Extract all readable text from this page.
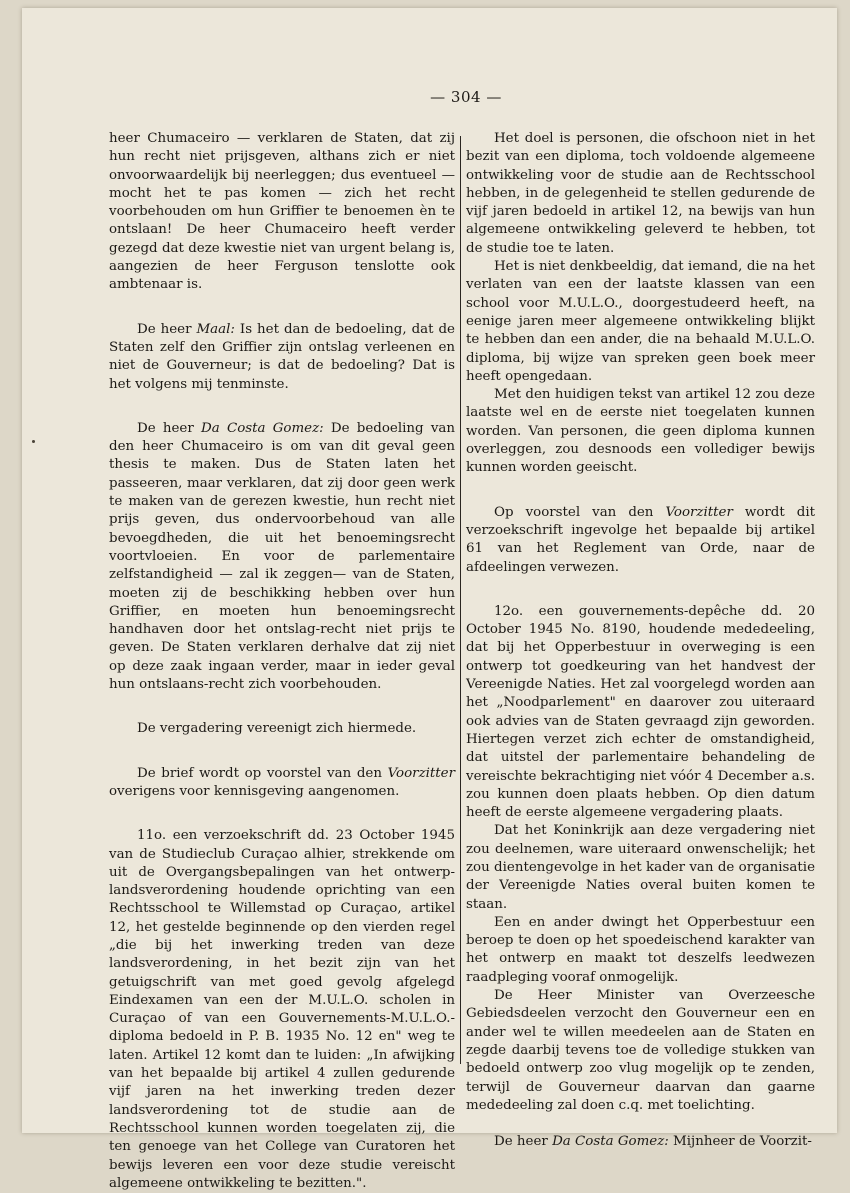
— 304 —

heer Chumaceiro — verklaren de Staten, dat zij hun recht niet prijsgeven, althans zich er niet onvoorwaardelijk bij neerleggen; dus eventueel — mocht het te pas komen — zich het recht voorbehouden om hun Griffier te benoemen èn te ontslaan! De heer Chumaceiro heeft verder gezegd dat deze kwestie niet van urgent belang is, aangezien de heer Ferguson tenslotte ook ambtenaar is.

De heer Maal: Is het dan de bedoeling, dat de Staten zelf den Griffier zijn ontslag verleenen en niet de Gouverneur; is dat de bedoeling? Dat is het volgens mij tenminste.

De heer Da Costa Gomez: De bedoeling van den heer Chumaceiro is om van dit geval geen thesis te maken. Dus de Staten laten het passeeren, maar verklaren, dat zij door geen werk te maken van de gerezen kwestie, hun recht niet prijs geven, dus ondervoorbehoud van alle bevoegdheden, die uit het benoemingsrecht voortvloeien. En voor de parlementaire zelfstandigheid — zal ik zeggen— van de Staten, moeten zij de beschikking hebben over hun Griffier, en moeten hun benoemingsrecht handhaven door het ontslag-recht niet prijs te geven. De Staten verklaren derhalve dat zij niet op deze zaak ingaan verder, maar in ieder geval hun ontslaans-recht zich voorbehouden.

De vergadering vereenigt zich hiermede.

De brief wordt op voorstel van den Voorzitter overigens voor kennisgeving aangenomen.

11o. een verzoekschrift dd. 23 October 1945 van de Studieclub Curaçao alhier, strekkende om uit de Overgangsbepalingen van het ontwerp-landsverordening houdende oprichting van een Rechtsschool te Willemstad op Curaçao, artikel 12, het gestelde beginnende op den vierden regel „die bij het inwerking treden van deze landsverordening, in het bezit zijn van het getuigschrift van met goed gevolg afgelegd Eindexamen van een der M.U.L.O. scholen in Curaçao of van een Gouvernements-M.U.L.O.-diploma bedoeld in P. B. 1935 No. 12 en" weg te laten. Artikel 12 komt dan te luiden: „In afwijking van het bepaalde bij artikel 4 zullen gedurende vijf jaren na het inwerking treden dezer landsverordening tot de studie aan de Rechtsschool kunnen worden toegelaten zij, die ten genoege van het College van Curatoren het bewijs leveren een voor deze studie vereischt algemeene ontwikkeling te bezitten.".

Het doel is personen, die ofschoon niet in het bezit van een diploma, toch voldoende algemeene ontwikkeling voor de studie aan de Rechtsschool hebben, in de gelegenheid te stellen gedurende de vijf jaren bedoeld in artikel 12, na bewijs van hun algemeene ontwikkeling geleverd te hebben, tot de studie toe te laten.

Het is niet denkbeeldig, dat iemand, die na het verlaten van een der laatste klassen van een school voor M.U.L.O., doorgestudeerd heeft, na eenige jaren meer algemeene ontwikkeling blijkt te hebben dan een ander, die na behaald M.U.L.O. diploma, bij wijze van spreken geen boek meer heeft opengedaan.

Met den huidigen tekst van artikel 12 zou deze laatste wel en de eerste niet toegelaten kunnen worden. Van personen, die geen diploma kunnen overleggen, zou desnoods een vollediger bewijs kunnen worden geeischt.

Op voorstel van den Voorzitter wordt dit verzoekschrift ingevolge het bepaalde bij artikel 61 van het Reglement van Orde, naar de afdeelingen verwezen.

12o. een gouvernements-depêche dd. 20 October 1945 No. 8190, houdende mededeeling, dat bij het Opperbestuur in overweging is een ontwerp tot goedkeuring van het handvest der Vereenigde Naties. Het zal voorgelegd worden aan het „Noodparlement" en daarover zou uiteraard ook advies van de Staten gevraagd zijn geworden. Hiertegen verzet zich echter de omstandigheid, dat uitstel der parlementaire behandeling de vereischte bekrachtiging niet vóór 4 December a.s. zou kunnen doen plaats hebben. Op dien datum heeft de eerste algemeene vergadering plaats.

Dat het Koninkrijk aan deze vergadering niet zou deelnemen, ware uiteraard onwenschelijk; het zou dientengevolge in het kader van de organisatie der Vereenigde Naties overal buiten komen te staan.

Een en ander dwingt het Opperbestuur een beroep te doen op het spoedeischend karakter van het ontwerp en maakt tot deszelfs leedwezen raadpleging vooraf onmogelijk.

De Heer Minister van Overzeesche Gebiedsdeelen verzocht den Gouverneur een en ander wel te willen meedeelen aan de Staten en zegde daarbij tevens toe de volledige stukken van bedoeld ontwerp zoo vlug mogelijk op te zenden, terwijl de Gouverneur daarvan dan gaarne mededeeling zal doen c.q. met toelichting.

De heer Da Costa Gomez: Mijnheer de Voorzit-
